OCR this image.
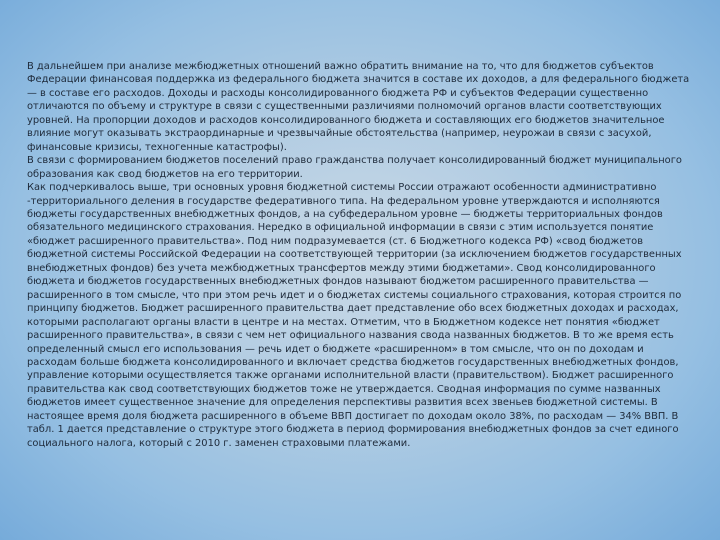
В дальнейшем при анализе межбюджетных отношений важно обратить внимание на то, что для бюджетов субъектов Федерации финансовая поддержка из федерального бюджета значится в составе их доходов, а для федерального бюджета — в составе его расходов. Доходы и расходы консолидированного бюджета РФ и субъектов Федерации существенно отличаются по объему и структуре в связи с существенными различиями полномочий органов власти соответствующих уровней. На пропорции доходов и расходов консолидированного бюджета и составляющих его бюджетов значительное влияние могут оказывать экстраординарные и чрезвычайные обстоятельства (например, неурожаи в связи с засухой, финансовые кризисы, техногенные катастрофы).

В связи с формированием бюджетов поселений право гражданства получает консолидированный бюджет муниципального образования как свод бюджетов на его территории.

Как подчеркивалось выше, три основных уровня бюджетной системы России отражают особенности административно -территориального деления в государстве федеративного типа. На федеральном уровне утверждаются и исполняются бюджеты государственных внебюджетных фондов, а на субфедеральном уровне — бюджеты территориальных фондов обязательного медицинского страхования. Нередко в официальной информации в связи с этим используется понятие «бюджет расширенного правительства». Под ним подразумевается (ст. 6 Бюджетного кодекса РФ) «свод бюджетов бюджетной системы Российской Федерации на соответствующей территории (за исключением бюджетов государственных внебюджетных фондов) без учета межбюджетных трансфертов между этими бюджетами». Свод консолидированного бюджета и бюджетов государственных внебюджетных фондов называют бюджетом расширенного правительства — расширенного в том смысле, что при этом речь идет и о бюджетах системы социального страхования, которая строится по принципу бюджетов. Бюджет расширенного правительства дает представление обо всех бюджетных доходах и расходах, которыми располагают органы власти в центре и на местах. Отметим, что в Бюджетном кодексе нет понятия «бюджет расширенного правительства», в связи с чем нет официального названия свода названных бюджетов. В то же время есть определенный смысл его использования — речь идет о бюджете «расширенном» в том смысле, что он по доходам и расходам больше бюджета консолидированного и включает средства бюджетов государственных внебюджетных фондов, управление которыми осуществляется также органами исполнительной власти (правительством). Бюджет расширенного правительства как свод соответствующих бюджетов тоже не утверждается. Сводная информация по сумме названных бюджетов имеет существенное значение для определения перспективы развития всех звеньев бюджетной системы. В настоящее время доля бюджета расширенного в объеме ВВП достигает по доходам около 38%, по расходам — 34% ВВП. В табл. 1 дается представление о структуре этого бюджета в период формирования внебюджетных фондов за счет единого социального налога, который с 2010 г. заменен страховыми платежами.
